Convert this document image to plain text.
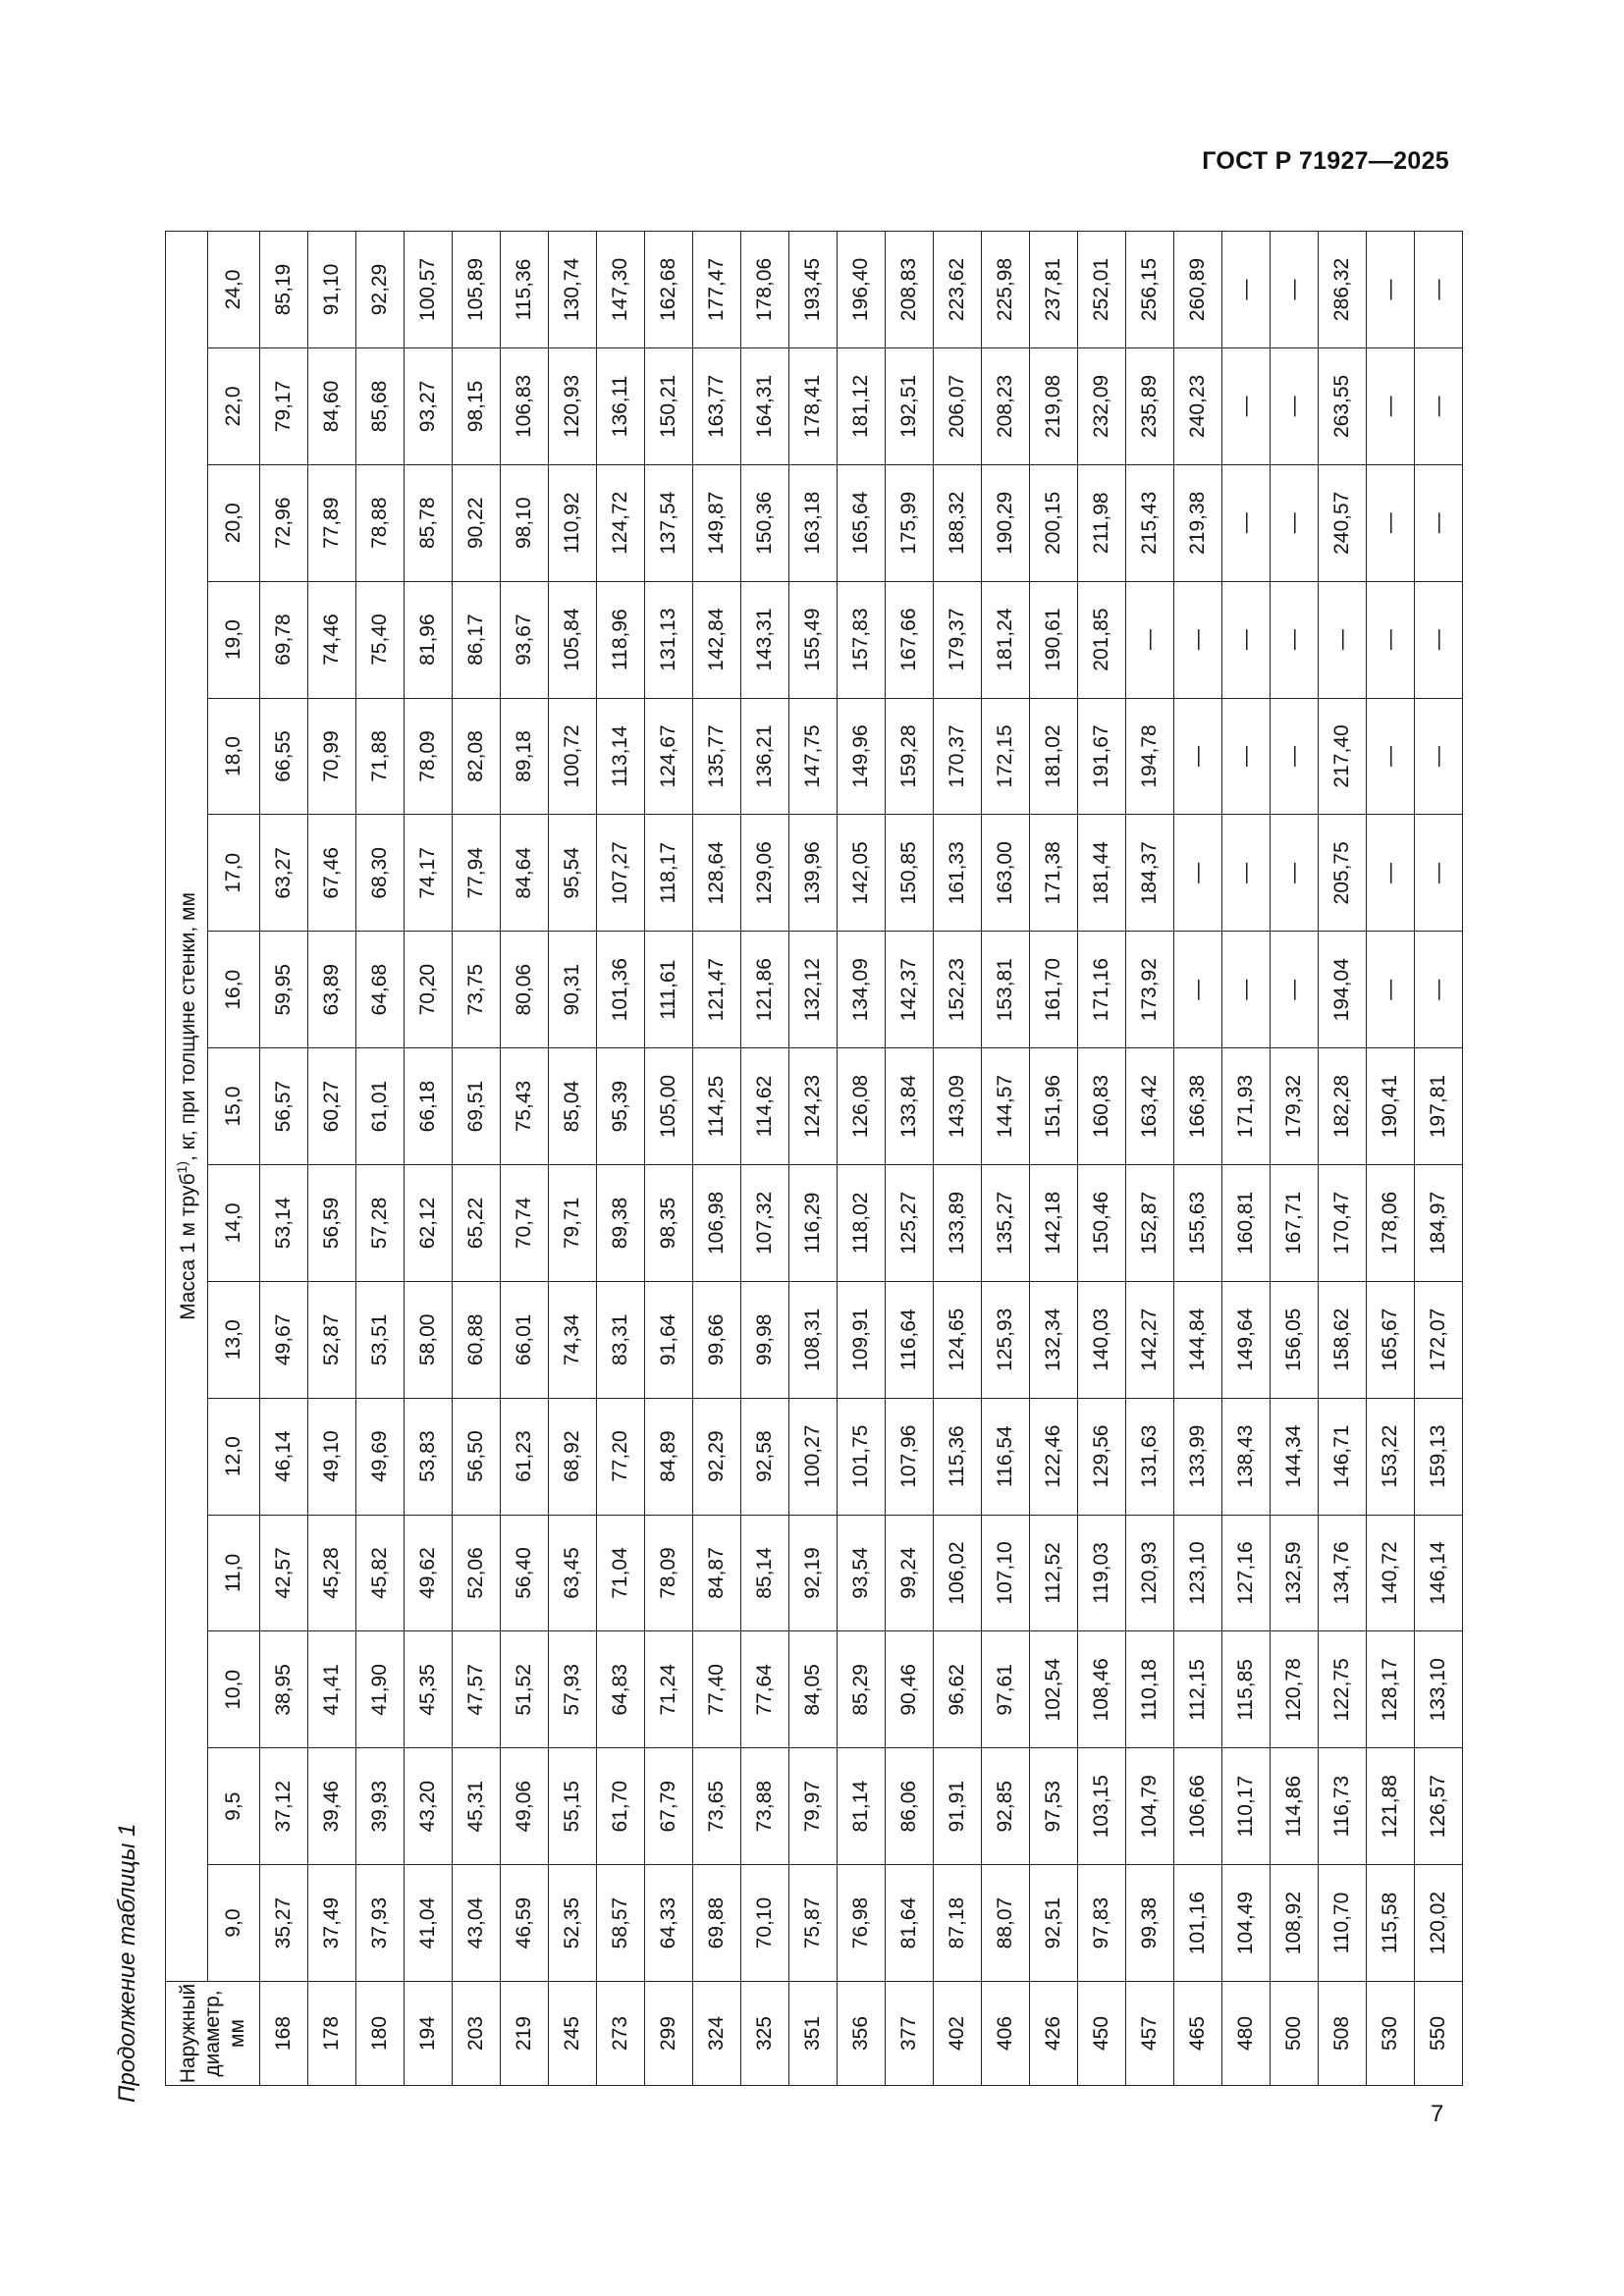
ГОСТ Р 71927—2025
Продолжение таблицы 1 Наружный диаметр, мм	Масса 1 м труб$^{1)}$, кг, при толщине стенки, мм														
	9,0	9,5	10,0	11,0	12,0	13,0	14,0	15,0	16,0	17,0	18,0	19,0	20,0	22,0	24,0
168	35,27	37,12	38,95	42,57	46,14	49,67	53,14	56,57	59,95	63,27	66,55	69,78	72,96	79,17	85,19
178	37,49	39,46	41,41	45,28	49,10	52,87	56,59	60,27	63,89	67,46	70,99	74,46	77,89	84,60	91,10
180	37,93	39,93	41,90	45,82	49,69	53,51	57,28	61,01	64,68	68,30	71,88	75,40	78,88	85,68	92,29
194	41,04	43,20	45,35	49,62	53,83	58,00	62,12	66,18	70,20	74,17	78,09	81,96	85,78	93,27	100,57
203	43,04	45,31	47,57	52,06	56,50	60,88	65,22	69,51	73,75	77,94	82,08	86,17	90,22	98,15	105,89
219	46,59	49,06	51,52	56,40	61,23	66,01	70,74	75,43	80,06	84,64	89,18	93,67	98,10	106,83	115,36
245	52,35	55,15	57,93	63,45	68,92	74,34	79,71	85,04	90,31	95,54	100,72	105,84	110,92	120,93	130,74
273	58,57	61,70	64,83	71,04	77,20	83,31	89,38	95,39	101,36	107,27	113,14	118,96	124,72	136,11	147,30
299	64,33	67,79	71,24	78,09	84,89	91,64	98,35	105,00	111,61	118,17	124,67	131,13	137,54	150,21	162,68
324	69,88	73,65	77,40	84,87	92,29	99,66	106,98	114,25	121,47	128,64	135,77	142,84	149,87	163,77	177,47
325	70,10	73,88	77,64	85,14	92,58	99,98	107,32	114,62	121,86	129,06	136,21	143,31	150,36	164,31	178,06
351	75,87	79,97	84,05	92,19	100,27	108,31	116,29	124,23	132,12	139,96	147,75	155,49	163,18	178,41	193,45
356	76,98	81,14	85,29	93,54	101,75	109,91	118,02	126,08	134,09	142,05	149,96	157,83	165,64	181,12	196,40
377	81,64	86,06	90,46	99,24	107,96	116,64	125,27	133,84	142,37	150,85	159,28	167,66	175,99	192,51	208,83
402	87,18	91,91	96,62	106,02	115,36	124,65	133,89	143,09	152,23	161,33	170,37	179,37	188,32	206,07	223,62
406	88,07	92,85	97,61	107,10	116,54	125,93	135,27	144,57	153,81	163,00	172,15	181,24	190,29	208,23	225,98
426	92,51	97,53	102,54	112,52	122,46	132,34	142,18	151,96	161,70	171,38	181,02	190,61	200,15	219,08	237,81
450	97,83	103,15	108,46	119,03	129,56	140,03	150,46	160,83	171,16	181,44	191,67	201,85	211,98	232,09	252,01
457	99,38	104,79	110,18	120,93	131,63	142,27	152,87	163,42	173,92	184,37	194,78	—	215,43	235,89	256,15
465	101,16	106,66	112,15	123,10	133,99	144,84	155,63	166,38	—	—	—	—	219,38	240,23	260,89
480	104,49	110,17	115,85	127,16	138,43	149,64	160,81	171,93	—	—	—	—	—	—	—
500	108,92	114,86	120,78	132,59	144,34	156,05	167,71	179,32	—	—	—	—	—	—	—
508	110,70	116,73	122,75	134,76	146,71	158,62	170,47	182,28	194,04	205,75	217,40	—	240,57	263,55	286,32
530	115,58	121,88	128,17	140,72	153,22	165,67	178,06	190,41	—	—	—	—	—	—	—
550	120,02	126,57	133,10	146,14	159,13	172,07	184,97	197,81	—	—	—	—	—	—	—
7
